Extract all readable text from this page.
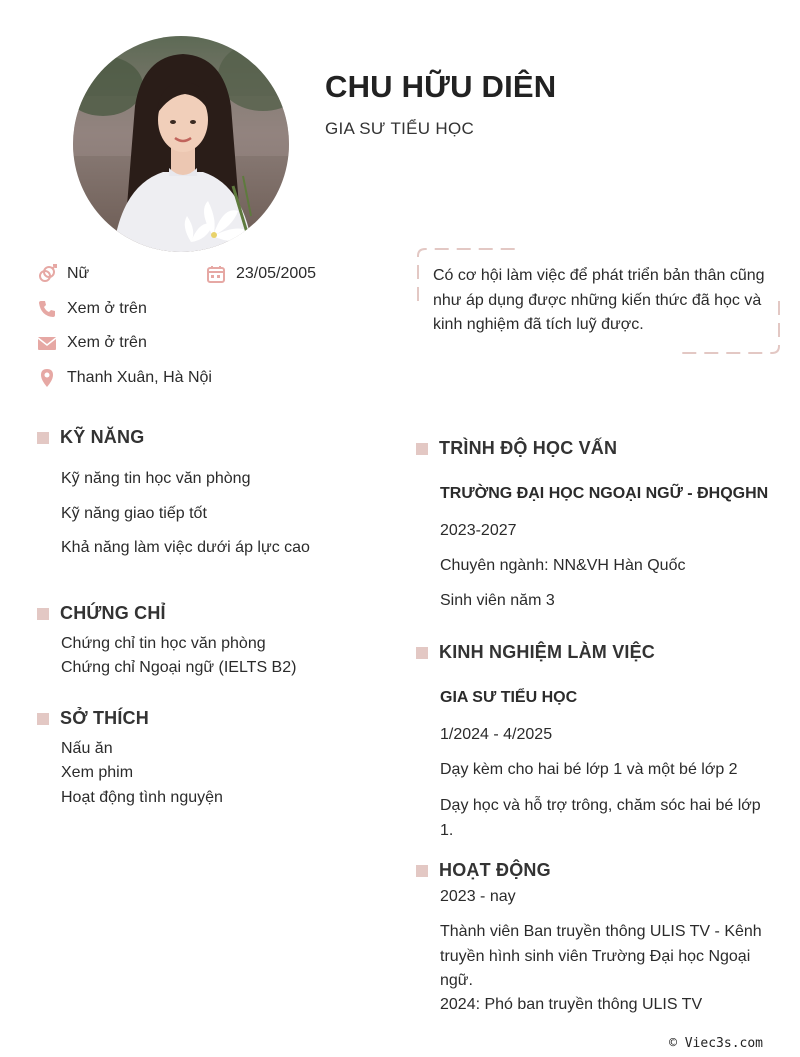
CHU HỮU DIÊN
GIA SƯ TIỂU HỌC
Nữ	23/05/2005
Xem ở trên
Xem ở trên
Thanh Xuân, Hà Nội

Có cơ hội làm việc để phát triển bản thân cũng như áp dụng được những kiến thức đã học và kinh nghiệm đã tích luỹ được.

KỸ NĂNG
Kỹ năng tin học văn phòng
Kỹ năng giao tiếp tốt
Khả năng làm việc dưới áp lực cao
CHỨNG CHỈ
Chứng chỉ tin học văn phòng
Chứng chỉ Ngoại ngữ (IELTS B2)
SỞ THÍCH
Nấu ăn
Xem phim
Hoạt động tình nguyện
TRÌNH ĐỘ HỌC VẤN
TRƯỜNG ĐẠI HỌC NGOẠI NGỮ - ĐHQGHN
2023-2027
Chuyên ngành: NN&VH Hàn Quốc
Sinh viên năm 3
KINH NGHIỆM LÀM VIỆC
GIA SƯ TIỂU HỌC
1/2024 - 4/2025
Dạy kèm cho hai bé lớp 1 và một bé lớp 2
Dạy học và hỗ trợ trông, chăm sóc hai bé lớp 1.
HOẠT ĐỘNG
2023 - nay
Thành viên Ban truyền thông ULIS TV - Kênh truyền hình sinh viên Trường Đại học Ngoại ngữ.
2024: Phó ban truyền thông ULIS TV
© Viec3s.com
